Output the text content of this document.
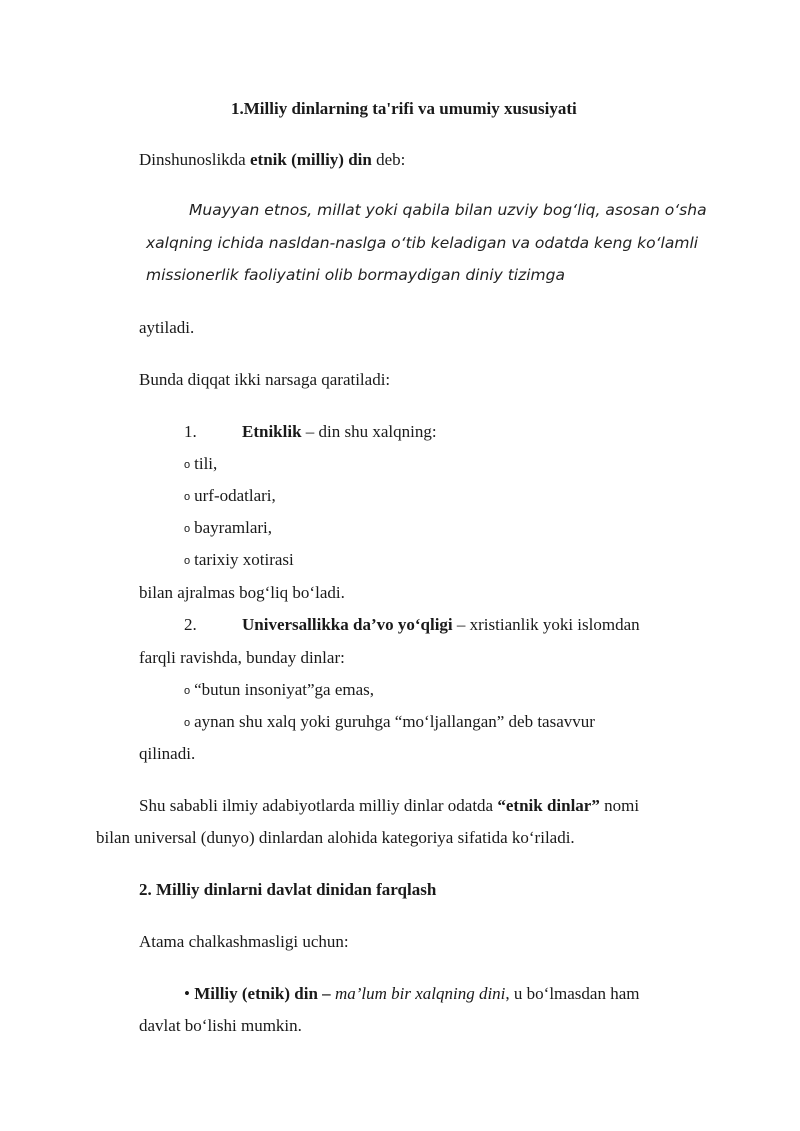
1.Milliy dinlarning ta'rifi va umumiy xususiyati
Dinshunoslikda etnik (milliy) din deb:
Muayyan etnos, millat yoki qabila bilan uzviy bog‘liq, asosan o‘sha
xalqning ichida nasldan-naslga o‘tib keladigan va odatda keng ko‘lamli
missionerlik faoliyatini olib bormaydigan diniy tizimga
aytiladi.
Bunda diqqat ikki narsaga qaratiladi:
1.	Etniklik – din shu xalqning:
o tili,
o urf-odatlari,
o bayramlari,
o tarixiy xotirasi
bilan ajralmas bog‘liq bo‘ladi.
2.	Universallikka da’vo yo‘qligi – xristianlik yoki islomdan
farqli ravishda, bunday dinlar:
o “butun insoniyat”ga emas,
o aynan shu xalq yoki guruhga “mo‘ljallangan” deb tasavvur
qilinadi.
Shu sababli ilmiy adabiyotlarda milliy dinlar odatda “etnik dinlar” nomi
bilan universal (dunyo) dinlardan alohida kategoriya sifatida ko‘riladi.
2. Milliy dinlarni davlat dinidan farqlash
Atama chalkashmasligi uchun:
• Milliy (etnik) din – ma’lum bir xalqning dini, u bo‘lmasdan ham
davlat bo‘lishi mumkin.
